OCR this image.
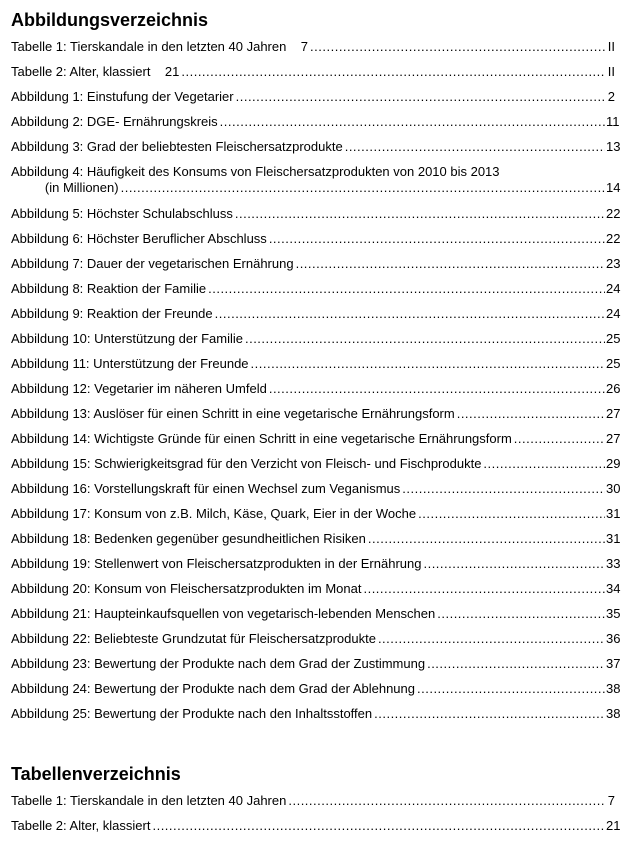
Abbildungsverzeichnis
Tabelle 1: Tierskandale in den letzten 40 Jahren    7 .....	II
Tabelle 2: Alter, klassiert    21 .....	II
Abbildung 1: Einstufung der Vegetarier .....	2
Abbildung 2: DGE- Ernährungskreis .....	11
Abbildung 3: Grad der beliebtesten Fleischersatzprodukte .....	13
Abbildung 4: Häufigkeit des Konsums von Fleischersatzprodukten von 2010 bis 2013
(in Millionen) .....	14
Abbildung 5: Höchster Schulabschluss .....	22
Abbildung 6: Höchster Beruflicher Abschluss .....	22
Abbildung 7: Dauer der vegetarischen Ernährung .....	23
Abbildung 8: Reaktion der Familie .....	24
Abbildung 9: Reaktion der Freunde .....	24
Abbildung 10: Unterstützung der Familie .....	25
Abbildung 11: Unterstützung der Freunde .....	25
Abbildung 12: Vegetarier im näheren Umfeld .....	26
Abbildung 13: Auslöser für einen Schritt in eine vegetarische Ernährungsform .....	27
Abbildung 14: Wichtigste Gründe für einen Schritt in eine vegetarische Ernährungsform .....	27
Abbildung 15: Schwierigkeitsgrad für den Verzicht von Fleisch- und Fischprodukte .....	29
Abbildung 16: Vorstellungskraft für einen Wechsel zum Veganismus .....	30
Abbildung 17: Konsum von z.B. Milch, Käse, Quark, Eier in der Woche .....	31
Abbildung 18: Bedenken gegenüber gesundheitlichen Risiken .....	31
Abbildung 19: Stellenwert von Fleischersatzprodukten in der Ernährung .....	33
Abbildung 20: Konsum von Fleischersatzprodukten im Monat .....	34
Abbildung 21: Haupteinkaufsquellen von vegetarisch-lebenden Menschen .....	35
Abbildung 22: Beliebteste Grundzutat für Fleischersatzprodukte .....	36
Abbildung 23: Bewertung der Produkte nach dem Grad der Zustimmung .....	37
Abbildung 24: Bewertung der Produkte nach dem Grad der Ablehnung .....	38
Abbildung 25: Bewertung der Produkte nach den Inhaltsstoffen .....	38
Tabellenverzeichnis
Tabelle 1: Tierskandale in den letzten 40 Jahren .....	7
Tabelle 2: Alter, klassiert .....	21
